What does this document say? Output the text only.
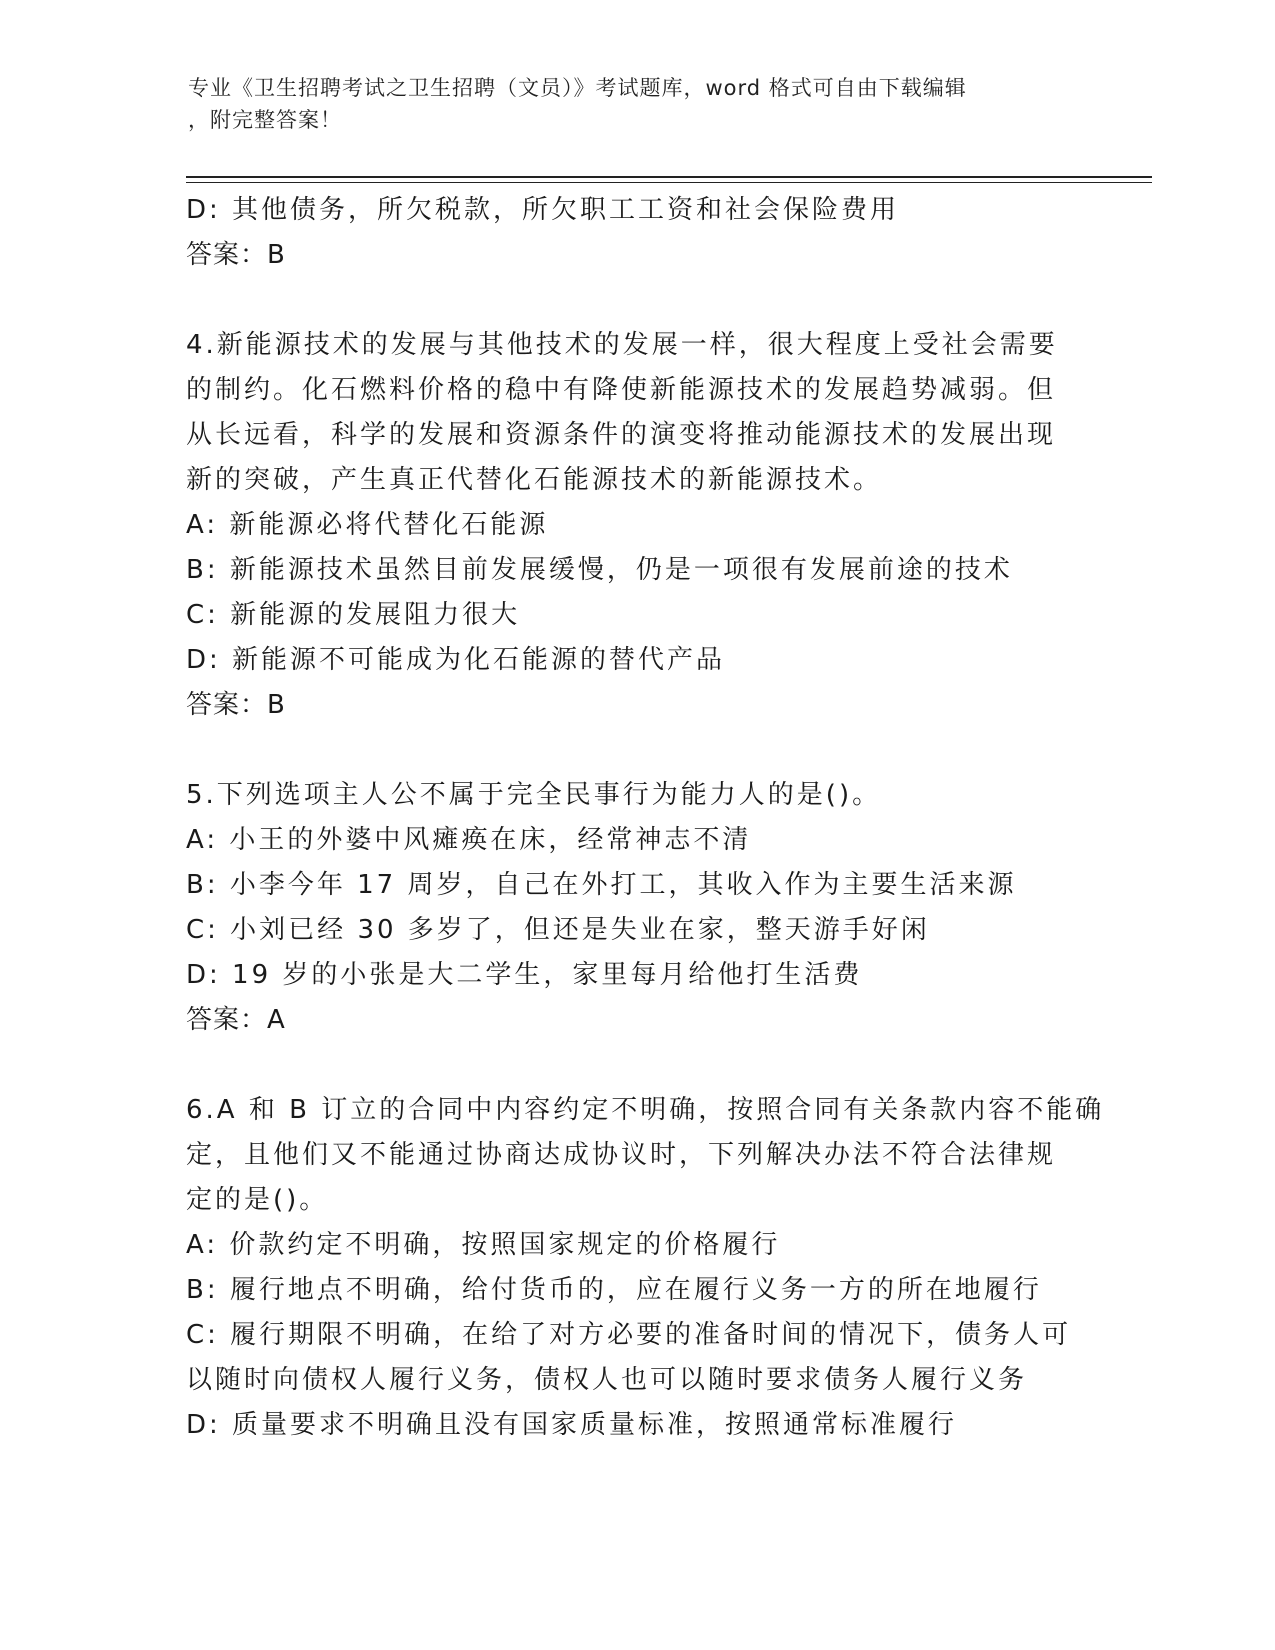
专业《卫生招聘考试之卫生招聘（文员）》考试题库，word 格式可自由下载编辑
，附完整答案！
D: 其他债务，所欠税款，所欠职工工资和社会保险费用
答案：B
4.新能源技术的发展与其他技术的发展一样，很大程度上受社会需要
的制约。化石燃料价格的稳中有降使新能源技术的发展趋势减弱。但
从长远看，科学的发展和资源条件的演变将推动能源技术的发展出现
新的突破，产生真正代替化石能源技术的新能源技术。
A: 新能源必将代替化石能源
B: 新能源技术虽然目前发展缓慢，仍是一项很有发展前途的技术
C: 新能源的发展阻力很大
D: 新能源不可能成为化石能源的替代产品
答案：B
5.下列选项主人公不属于完全民事行为能力人的是()。
A: 小王的外婆中风瘫痪在床，经常神志不清
B: 小李今年 17 周岁，自己在外打工，其收入作为主要生活来源
C: 小刘已经 30 多岁了，但还是失业在家，整天游手好闲
D: 19 岁的小张是大二学生，家里每月给他打生活费
答案：A
6.A 和 B 订立的合同中内容约定不明确，按照合同有关条款内容不能确
定，且他们又不能通过协商达成协议时，下列解决办法不符合法律规
定的是()。
A: 价款约定不明确，按照国家规定的价格履行
B: 履行地点不明确，给付货币的，应在履行义务一方的所在地履行
C: 履行期限不明确，在给了对方必要的准备时间的情况下，债务人可
以随时向债权人履行义务，债权人也可以随时要求债务人履行义务
D: 质量要求不明确且没有国家质量标准，按照通常标准履行
